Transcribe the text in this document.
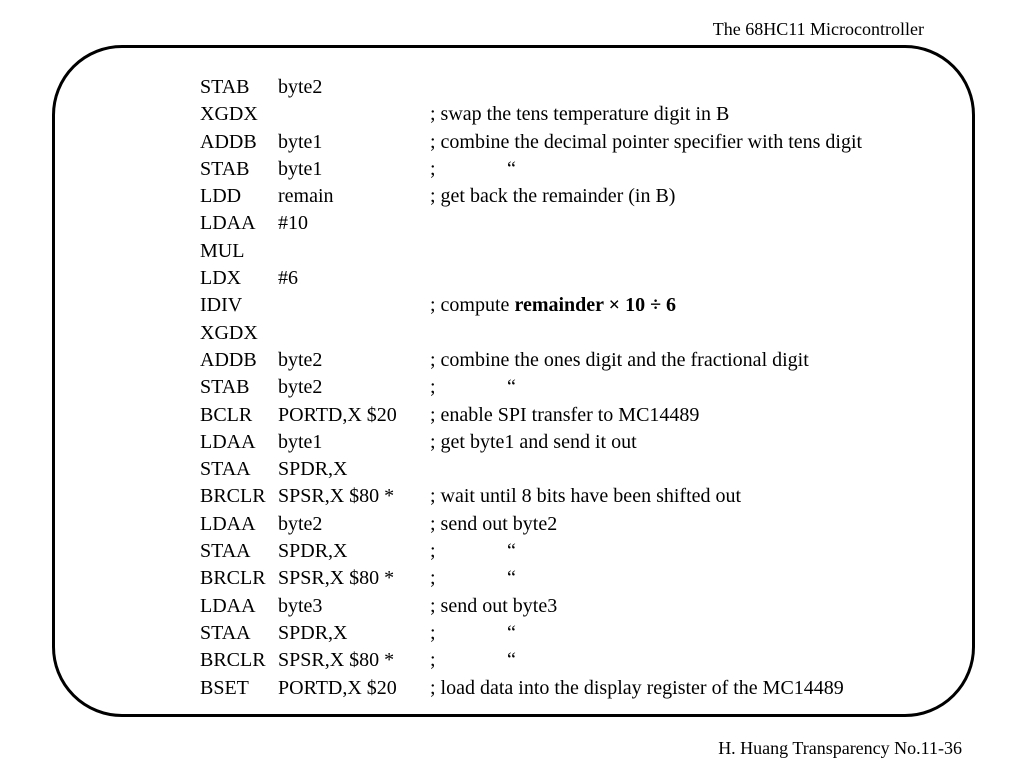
The 68HC11 Microcontroller
STAB byte2
XGDX	; swap the tens temperature digit in B
ADDB byte1	; combine the decimal pointer specifier with tens digit
STAB byte1	;	“
LDD remain	; get back the remainder (in B)
LDAA #10
MUL
LDX #6
IDIV	; compute remainder × 10 ÷ 6
XGDX
ADDB byte2	; combine the ones digit and the fractional digit
STAB byte2	;	“
BCLR PORTD,X $20 ; enable SPI transfer to MC14489
LDAA byte1	; get byte1 and send it out
STAA SPDR,X
BRCLR SPSR,X $80 * ; wait until 8 bits have been shifted out
LDAA byte2	; send out byte2
STAA SPDR,X	;	“
BRCLR SPSR,X $80 * ;	“
LDAA byte3	; send out byte3
STAA SPDR,X	;	“
BRCLR SPSR,X $80 * ;	“
BSET PORTD,X $20 ; load data into the display register of the MC14489
H. Huang Transparency No.11-36
